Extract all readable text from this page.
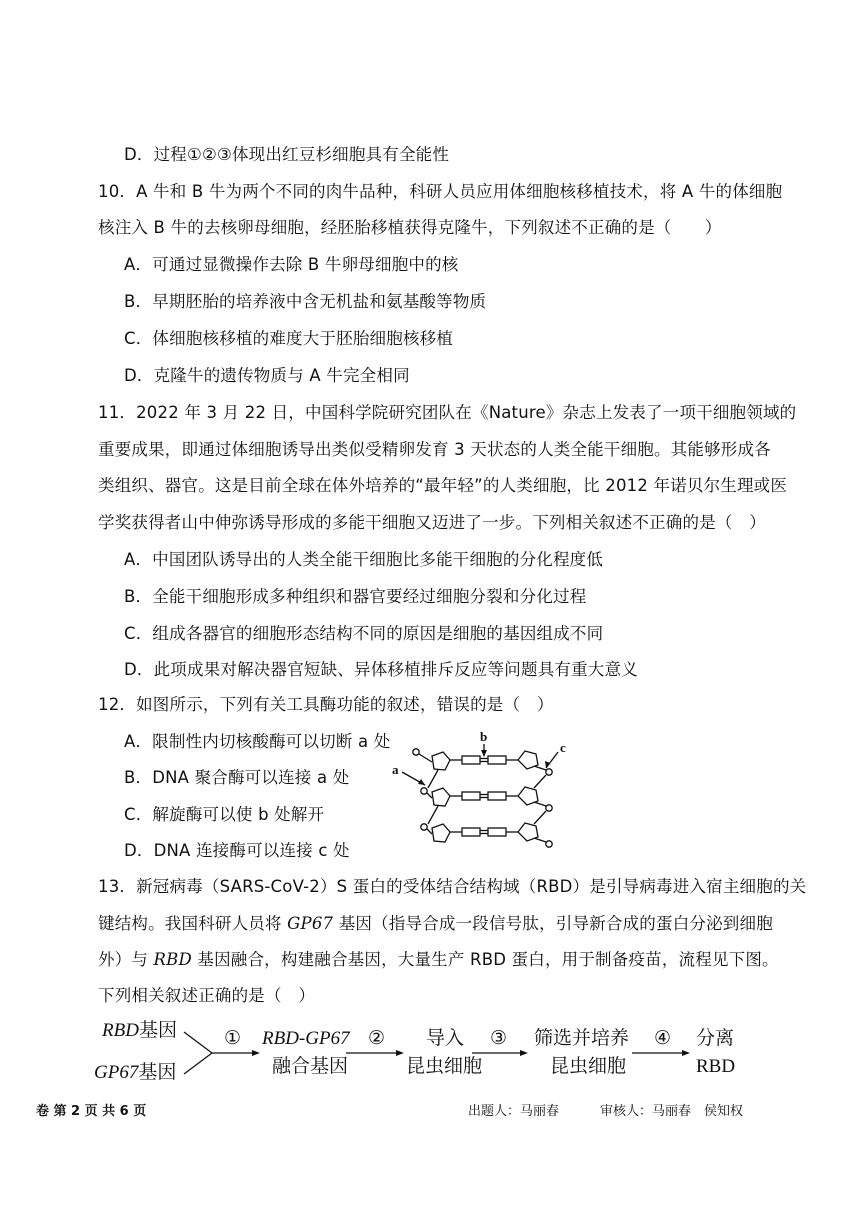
D．过程①②③体现出红豆杉细胞具有全能性
10．A 牛和 B 牛为两个不同的肉牛品种，科研人员应用体细胞核移植技术，将 A 牛的体细胞
核注入 B 牛的去核卵母细胞，经胚胎移植获得克隆牛，下列叙述不正确的是（　　）
A．可通过显微操作去除 B 牛卵母细胞中的核
B．早期胚胎的培养液中含无机盐和氨基酸等物质
C．体细胞核移植的难度大于胚胎细胞核移植
D．克隆牛的遗传物质与 A 牛完全相同
11．2022 年 3 月 22 日，中国科学院研究团队在《Nature》杂志上发表了一项干细胞领域的
重要成果，即通过体细胞诱导出类似受精卵发育 3 天状态的人类全能干细胞。其能够形成各
类组织、器官。这是目前全球在体外培养的“最年轻”的人类细胞，比 2012 年诺贝尔生理或医
学奖获得者山中伸弥诱导形成的多能干细胞又迈进了一步。下列相关叙述不正确的是（　）
A．中国团队诱导出的人类全能干细胞比多能干细胞的分化程度低
B．全能干细胞形成多种组织和器官要经过细胞分裂和分化过程
C．组成各器官的细胞形态结构不同的原因是细胞的基因组成不同
D．此项成果对解决器官短缺、异体移植排斥反应等问题具有重大意义
12．如图所示，下列有关工具酶功能的叙述，错误的是（　）
A．限制性内切核酸酶可以切断 a 处
B．DNA 聚合酶可以连接 a 处
C．解旋酶可以使 b 处解开
D．DNA 连接酶可以连接 c 处
a
b
c
13．新冠病毒（SARS-CoV-2）S 蛋白的受体结合结构域（RBD）是引导病毒进入宿主细胞的关
键结构。我国科研人员将 GP67 基因（指导合成一段信号肽，引导新合成的蛋白分泌到细胞
外）与 RBD 基因融合，构建融合基因，大量生产 RBD 蛋白，用于制备疫苗，流程见下图。
下列相关叙述正确的是（　）
RBD基因
GP67基因
① RBD-GP67
融合基因
② 导入
昆虫细胞
③ 筛选并培养
昆虫细胞
④ 分离
RBD
卷 第 2 页 共 6 页	出题人：马丽春	审核人：马丽春　侯知权
